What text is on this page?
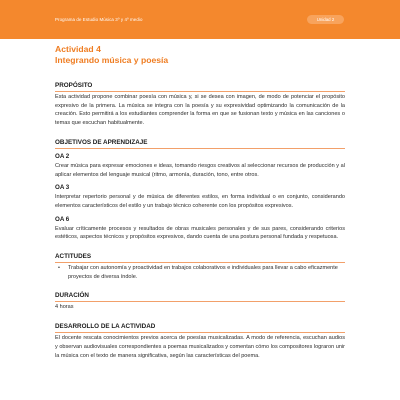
Programa de Estudio Música 3º y 4º medio	Unidad 2
Actividad 4
Integrando música y poesía
PROPÓSITO
Esta actividad propone combinar poesía con música y, si se desea con imagen, de modo de potenciar el propósito expresivo de la primera. La música se integra con la poesía y su expresividad optimizando la comunicación de la creación. Esto permitirá a los estudiantes comprender la forma en que se fusionan texto y música en las canciones o temas que escuchan habitualmente.
OBJETIVOS DE APRENDIZAJE
OA 2
Crear música para expresar emociones e ideas, tomando riesgos creativos al seleccionar recursos de producción y al aplicar elementos del lenguaje musical (ritmo, armonía, duración, tono, entre otros.
OA 3
Interpretar repertorio personal y de música de diferentes estilos, en forma individual o en conjunto, considerando elementos característicos del estilo y un trabajo técnico coherente con los propósitos expresivos.
OA 6
Evaluar críticamente procesos y resultados de obras musicales personales y de sus pares, considerando criterios estéticos, aspectos técnicos y propósitos expresivos, dando cuenta de una postura personal fundada y respetuosa.
ACTITUDES
• Trabajar con autonomía y proactividad en trabajos colaborativos e individuales para llevar a cabo eficazmente proyectos de diversa índole.
DURACIÓN
4 horas
DESARROLLO DE LA ACTIVIDAD
El docente rescata conocimientos previos acerca de poesías musicalizadas. A modo de referencia, escuchan audios y observan audiovisuales correspondientes a poemas musicalizados y comentan cómo los compositores lograron unir la música con el texto de manera significativa, según las características del poema.
